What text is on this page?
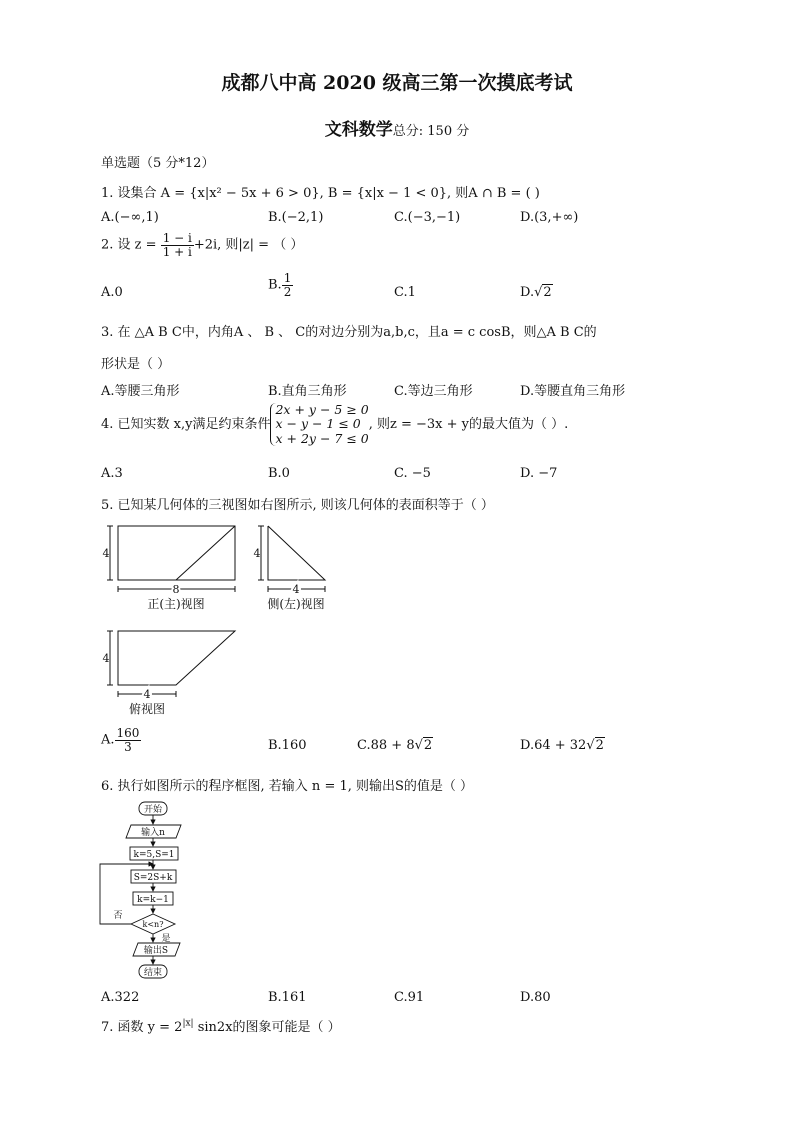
成都八中高 2020 级高三第一次摸底考试
文科数学总分: 150 分
单选题（5 分*12）
1. 设集合 A = {x|x² − 5x + 6 > 0}, B = {x|x − 1 < 0}, 则A ∩ B = ( )
A.(−∞,1)	B.(−2,1)	C.(−3,−1)	D.(3,+∞)
2. 设 $z = \frac{1 - i}{1 + i} +2i$, 则|z| = （ ）
A.0	B. $\frac{1}{2}$	C.1	D.√2
3. 在 △A B C中，内角A 、 B 、 C的对边分别为a,b,c，且a = c cosB，则△A B C的
形状是（ ）
A.等腰三角形	B.直角三角形	C.等边三角形	D.等腰直角三角形
4. 已知实数 x,y满足约束条件
2x + y − 5 ≥ 0
x − y − 1 ≤ 0
x + 2y − 7 ≤ 0
, 则z = −3x + y的最大值为（ ）.
A.3	B.0	C. −5	D. −7
5. 已知某几何体的三视图如右图所示, 则该几何体的表面积等于（ ）
4
8
正(主)视图
4
4
侧(左)视图
4
4
俯视图
A. $\frac{160}{3}$	B.160	C.88 + 8√2	D.64 + 32√2
6. 执行如图所示的程序框图, 若输入 n = 1, 则输出S的值是（ ）
开始
输入n
k=5,S=1
S=2S+k
k=k−1
k<n?
是
否
输出S
结束
A.322	B.161	C.91	D.80
7. 函数 $y = 2^{|x|}$ sin2x的图象可能是（ ）
